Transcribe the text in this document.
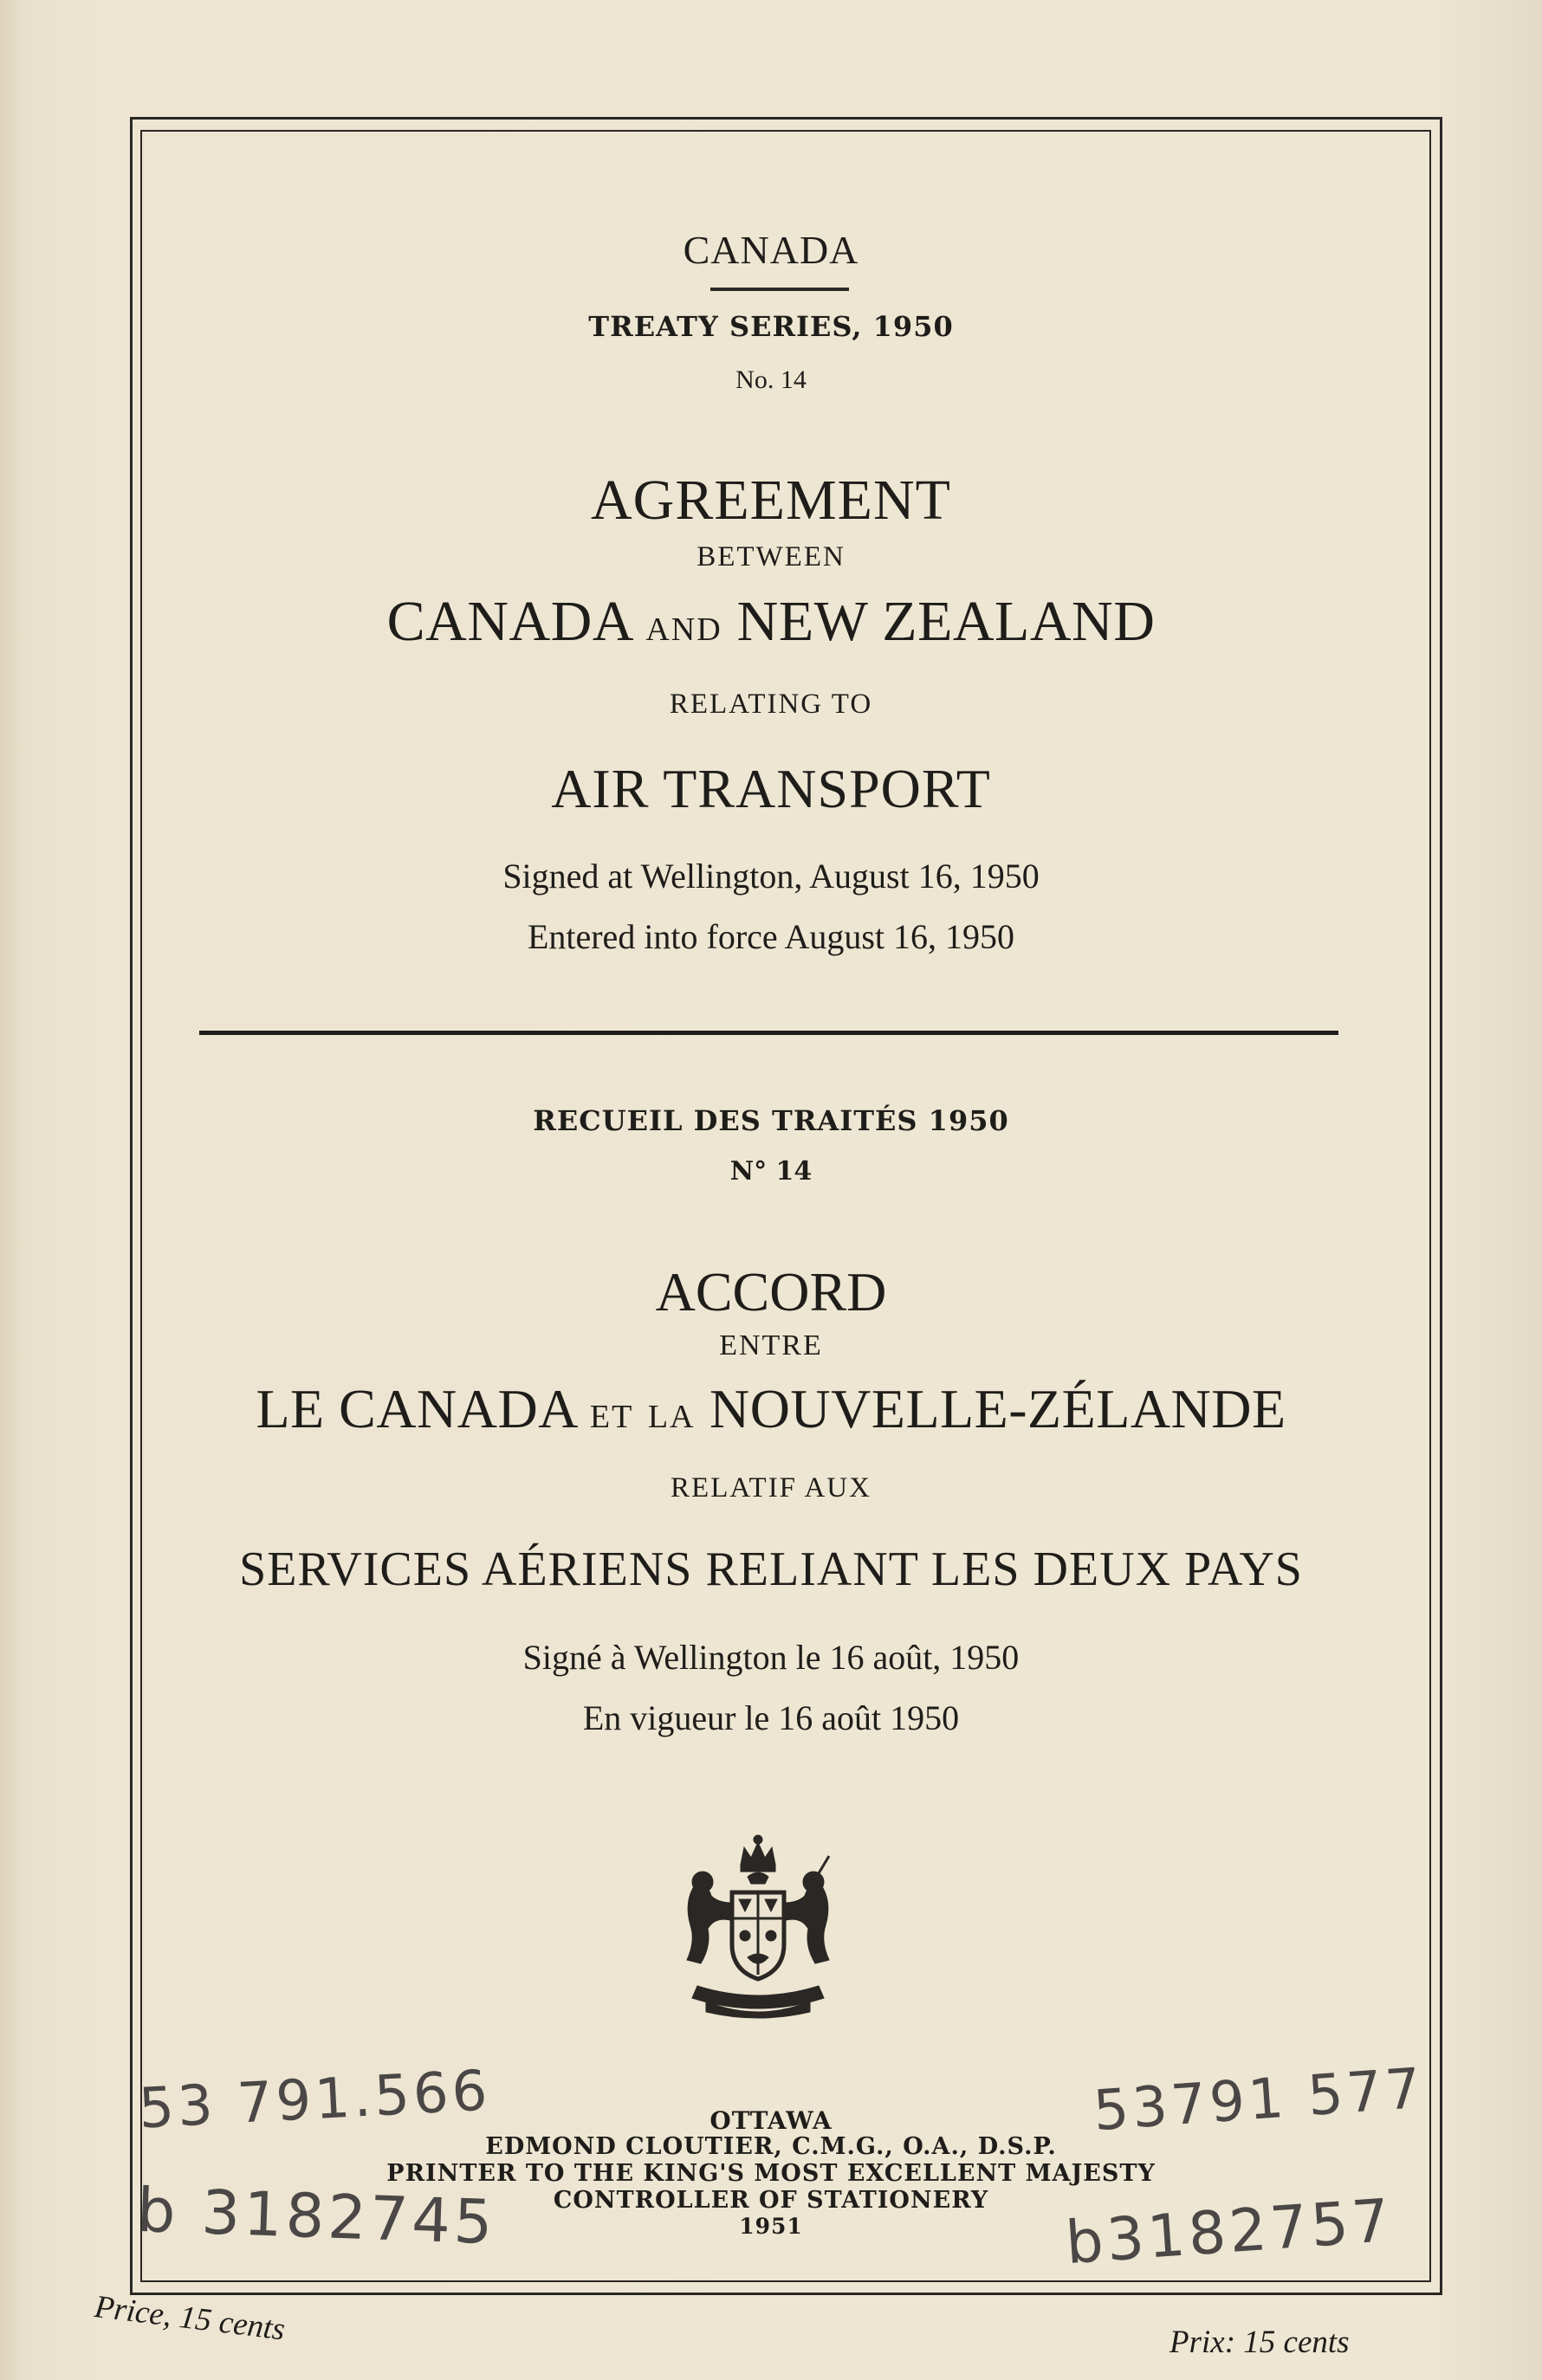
CANADA
TREATY SERIES, 1950
No. 14
AGREEMENT
BETWEEN
CANADA AND NEW ZEALAND
RELATING TO
AIR TRANSPORT
Signed at Wellington, August 16, 1950
Entered into force August 16, 1950
RECUEIL DES TRAITÉS 1950
N° 14
ACCORD
ENTRE
LE CANADA ET LA NOUVELLE-ZÉLANDE
RELATIF AUX
SERVICES AÉRIENS RELIANT LES DEUX PAYS
Signé à Wellington le 16 août, 1950
En vigueur le 16 août 1950
OTTAWA
EDMOND CLOUTIER, C.M.G., O.A., D.S.P.
PRINTER TO THE KING'S MOST EXCELLENT MAJESTY
CONTROLLER OF STATIONERY
1951
53 791.566	53791 577
b 3182745	b3182757
Price, 15 cents	Prix: 15 cents
